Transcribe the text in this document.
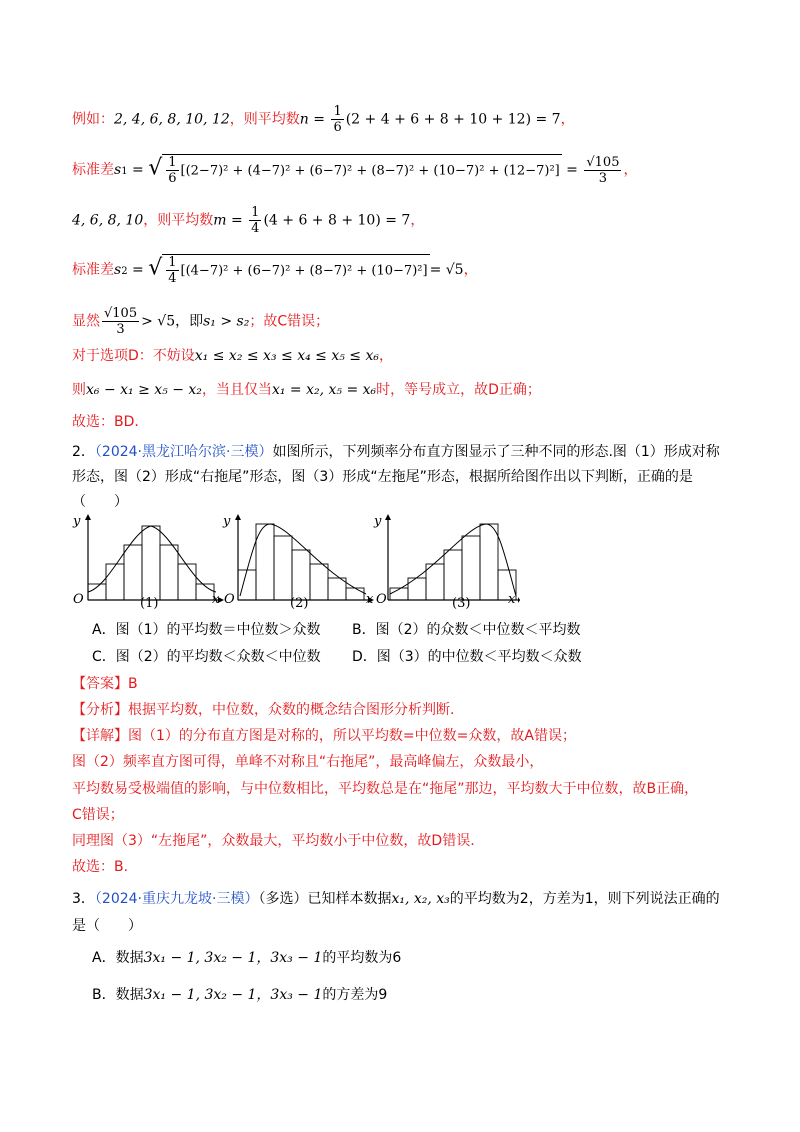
例如：2, 4, 6, 8, 10, 12，则平均数$n = \frac{1}{6} (2 + 4 + 6 + 8 + 10 + 12) = 7$，
标准差s1 = √ $\frac{1}{6} [(2-7)^2 + (4-7)^2 + (6-7)^2 + (8-7)^2 + (10-7)^2 + (12-7)^2] = \frac{√105}{3}$ ，
4, 6, 8, 10，则平均数$m = \frac{1}{4} (4 + 6 + 8 + 10) = 7$，
标准差s2 = √ $\frac{1}{4} [(4-7)^2 + (6-7)^2 + (8-7)^2 + (10-7)^2] = √5$，
显然 $\frac{√105}{3} > √5$，即s₁ > s₂；故C错误；
对于选项D：不妨设x₁ ≤ x₂ ≤ x₃ ≤ x₄ ≤ x₅ ≤ x₆，
则x₆ − x₁ ≥ x₅ − x₂，当且仅当x₁ = x₂, x₅ = x₆时，等号成立，故D正确；
故选：BD.
2．（2024·黑龙江哈尔滨·三模）如图所示，下列频率分布直方图显示了三种不同的形态.图（1）形成对称
形态，图（2）形成“右拖尾”形态，图（3）形成“左拖尾”形态，根据所给图作出以下判断，正确的是
（　　）
y
O	x
(1)
y
O	x
(2)
y
O	x
(3)
A．图（1）的平均数＝中位数＞众数 B．图（2）的众数＜中位数＜平均数
C．图（2）的平均数＜众数＜中位数 D．图（3）的中位数＜平均数＜众数
【答案】B
【分析】根据平均数，中位数，众数的概念结合图形分析判断.
【详解】图（1）的分布直方图是对称的，所以平均数=中位数=众数，故A错误；
图（2）频率直方图可得，单峰不对称且“右拖尾”，最高峰偏左，众数最小，
平均数易受极端值的影响，与中位数相比，平均数总是在“拖尾”那边，平均数大于中位数，故B正确，
C错误；
同理图（3）“左拖尾”，众数最大，平均数小于中位数，故D错误.
故选：B.
3．（2024·重庆九龙坡·三模）（多选）已知样本数据x₁, x₂, x₃的平均数为2，方差为1，则下列说法正确的
是（　　）
A．数据3x₁ − 1, 3x₂ − 1，3x₃ − 1的平均数为6
B．数据3x₁ − 1, 3x₂ − 1，3x₃ − 1的方差为9
